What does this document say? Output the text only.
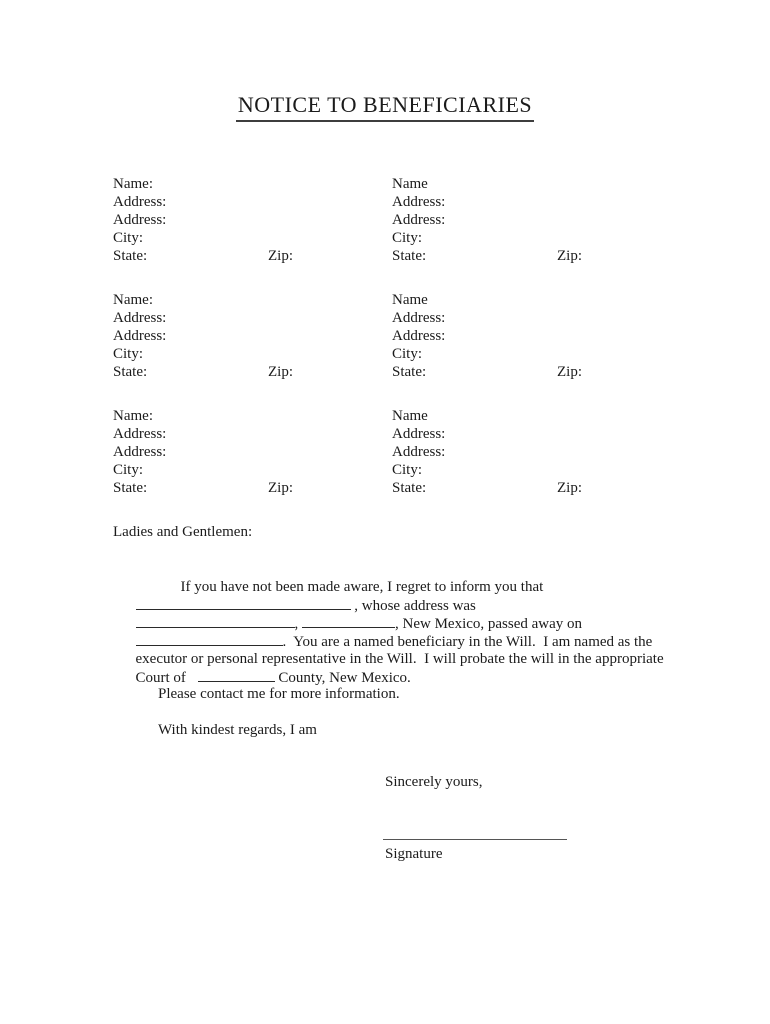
NOTICE TO BENEFICIARIES
Name:	Name
Address:	Address:
Address:	Address:
City:	City:
State:	Zip:	State:	Zip:
Name:	Name
Address:	Address:
Address:	Address:
City:	City:
State:	Zip:	State:	Zip:
Name:	Name
Address:	Address:
Address:	Address:
City:	City:
State:	Zip:	State:	Zip:
Ladies and Gentlemen:

If you have not been made aware, I regret to inform you that

, whose address was

,	, New Mexico, passed away on

.  You are a named beneficiary in the Will.  I am named as the

executor or personal representative in the Will.  I will probate the will in the appropriate

Court of	County, New Mexico.

Please contact me for more information.
With kindest regards, I am
Sincerely yours,
Signature
